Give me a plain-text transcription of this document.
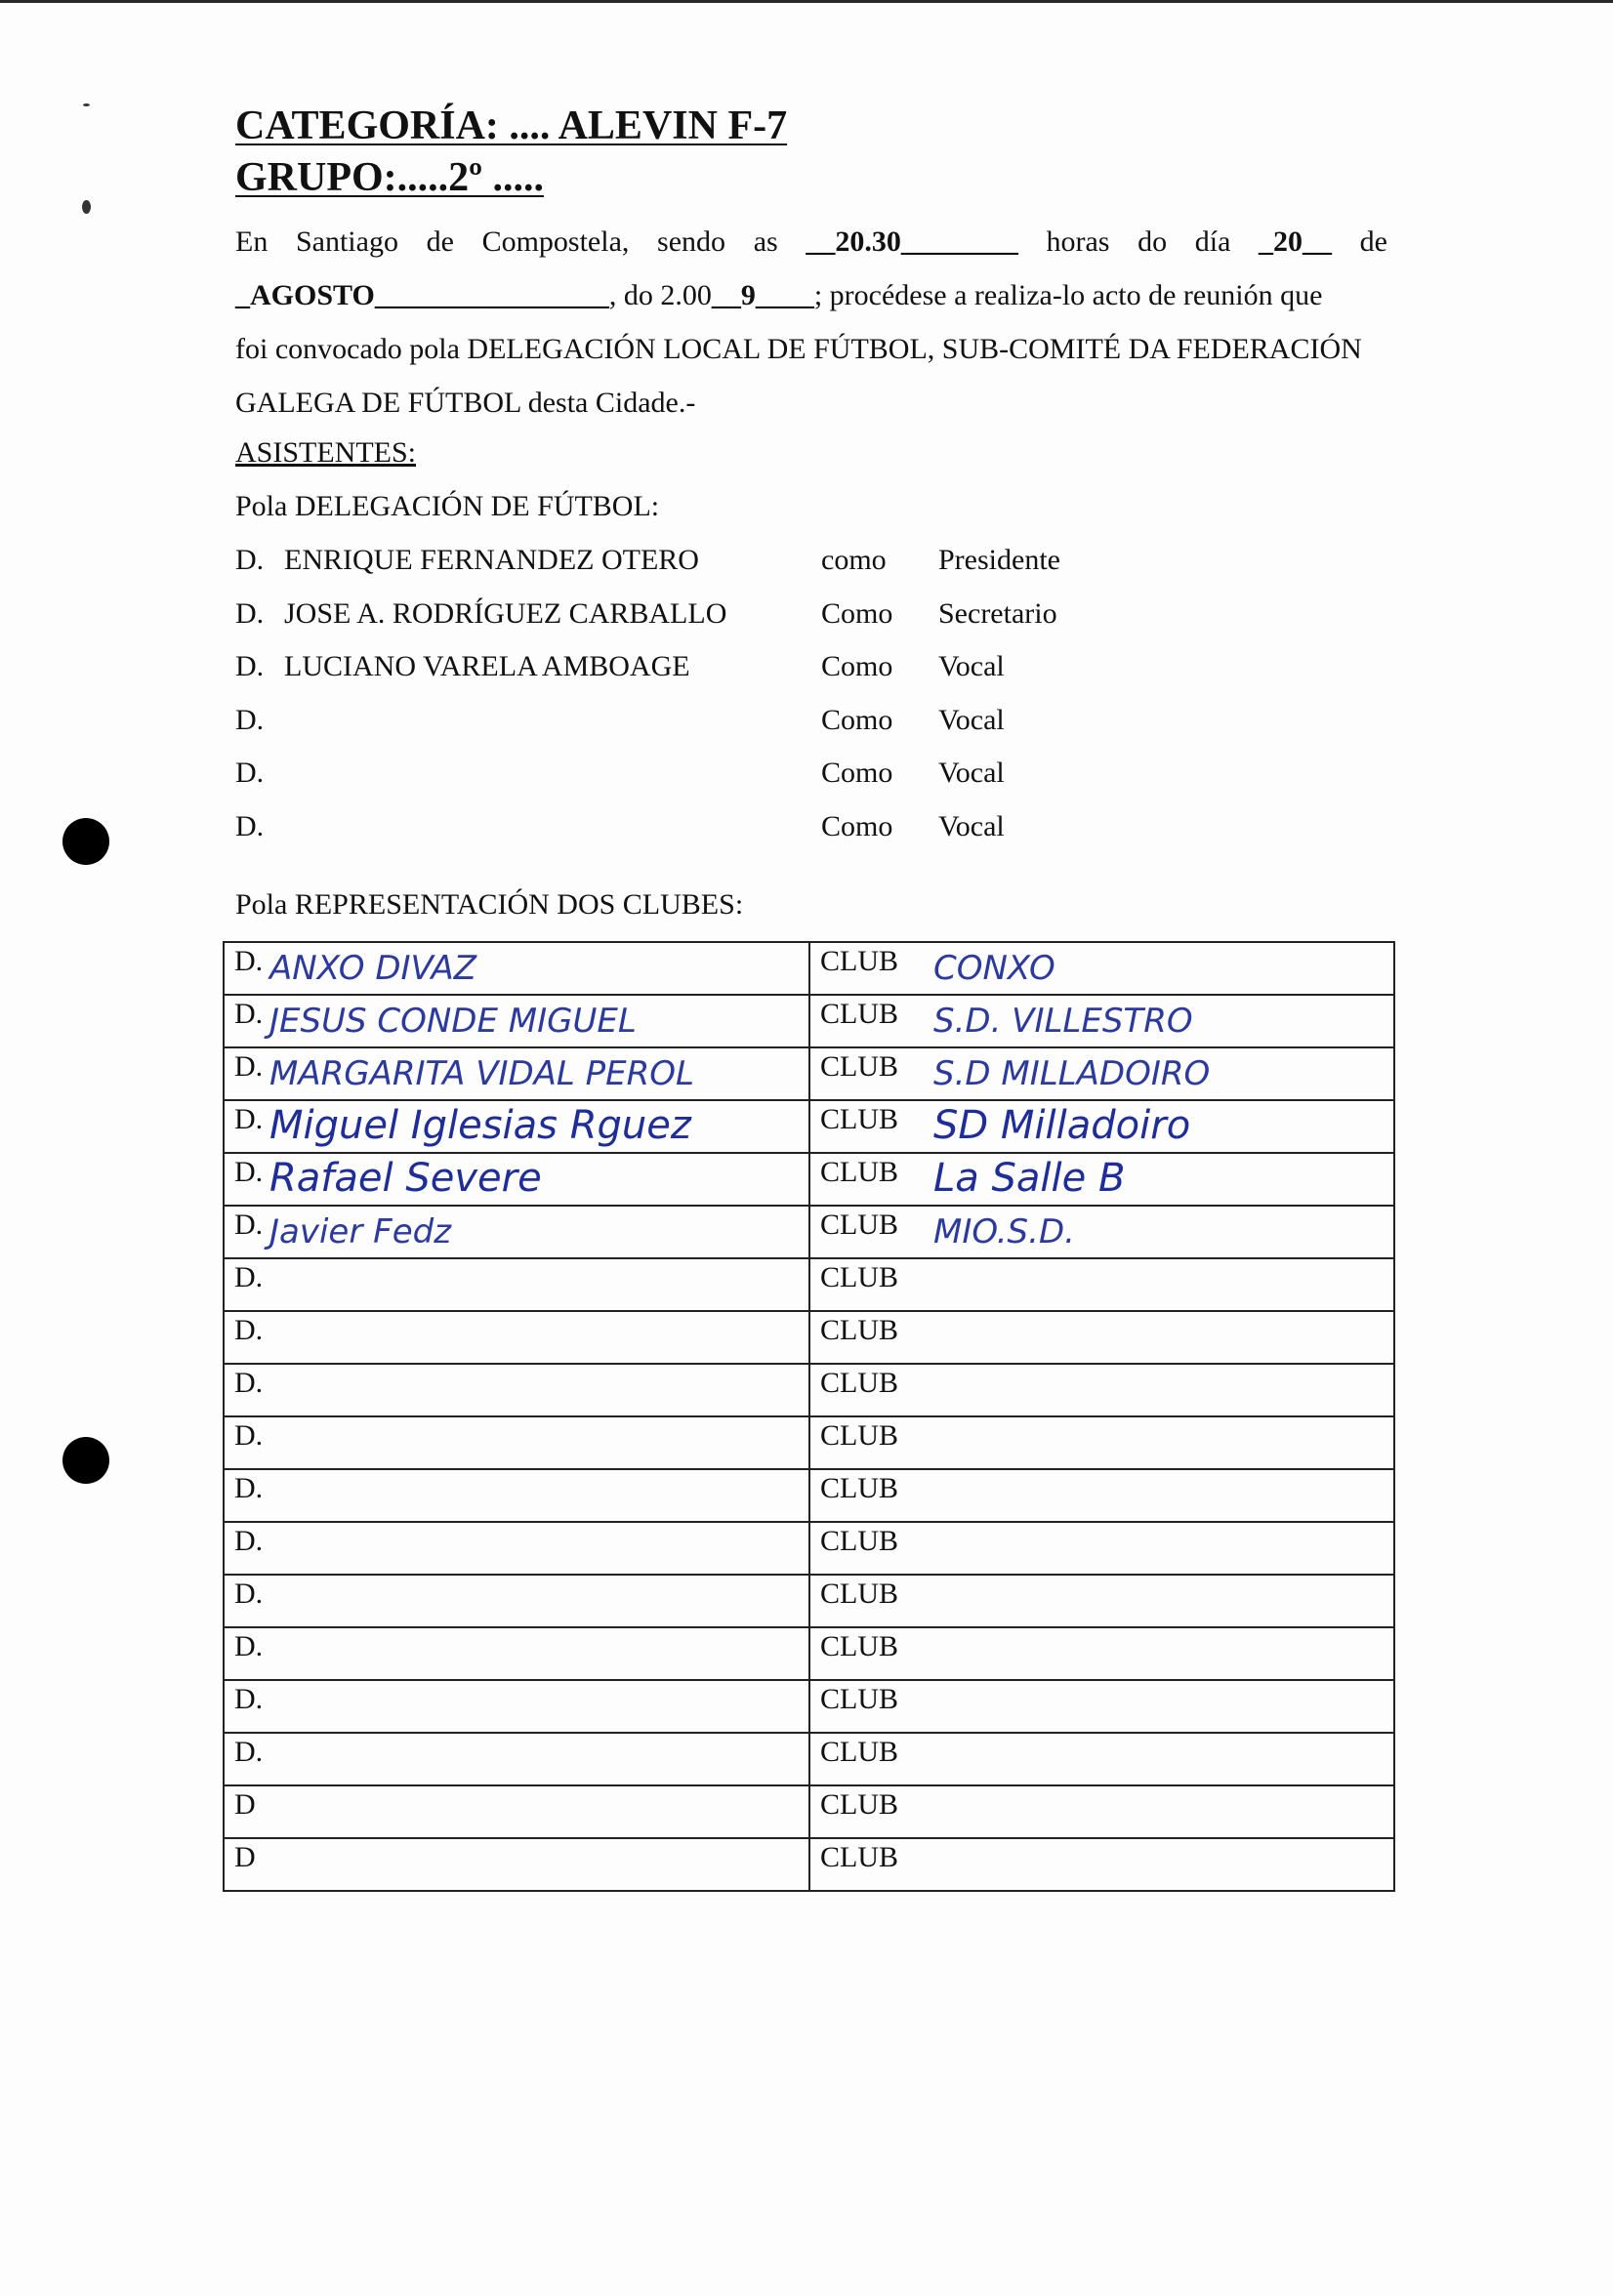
CATEGORÍA: .... ALEVIN F-7
GRUPO:.....2º .....
En Santiago de Compostela, sendo as __20.30________ horas do día _20__ de
_AGOSTO________________ , do 2.00 __9____ ; procédese a realiza-lo acto de reunión que
foi convocado pola DELEGACIÓN LOCAL DE FÚTBOL, SUB-COMITÉ DA FEDERACIÓN
GALEGA DE FÚTBOL desta Cidade.-
ASISTENTES:
Pola DELEGACIÓN DE FÚTBOL:
D. ENRIQUE FERNANDEZ OTERO	como Presidente
D. JOSE A. RODRÍGUEZ CARBALLO	Como Secretario
D. LUCIANO VARELA AMBOAGE	Como Vocal
D.	Como Vocal
D.	Como Vocal
D.	Como Vocal
Pola REPRESENTACIÓN DOS CLUBES:
D. ANXO DIVAZ	CLUB CONXO

D. JESUS CONDE MIGUEL	CLUB S.D. VILLESTRO

D. MARGARITA VIDAL PEROL	CLUB S.D MILLADOIRO

D. Miguel Iglesias Rguez	CLUB SD Milladoiro

D. Rafael Severe	CLUB La Salle B

D. Javier Fedz	CLUB MIO.S.D.

D.	CLUB

D.	CLUB

D.	CLUB

D.	CLUB

D.	CLUB

D.	CLUB

D.	CLUB

D.	CLUB

D.	CLUB

D.	CLUB

D	CLUB

D	CLUB
